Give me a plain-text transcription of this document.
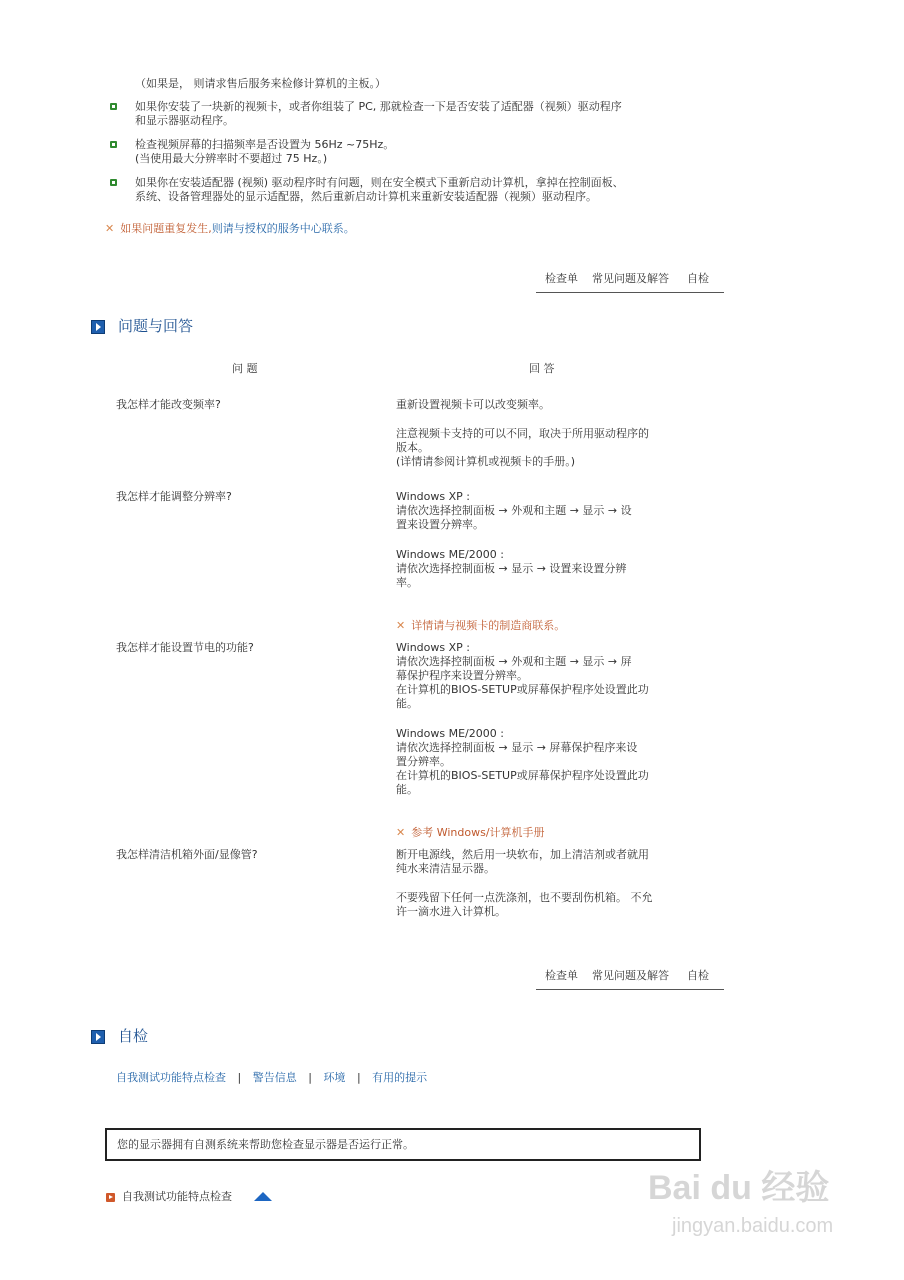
（如果是， 则请求售后服务来检修计算机的主板。）
如果你安装了一块新的视频卡，或者你组装了 PC, 那就检查一下是否安装了适配器（视频）驱动程序
和显示器驱动程序。
检查视频屏幕的扫描频率是否设置为 56Hz ~75Hz。
(当使用最大分辨率时不要超过 75 Hz。)
如果你在安装适配器 (视频) 驱动程序时有问题，则在安全模式下重新启动计算机，拿掉在控制面板、
系统、设备管理器处的显示适配器，然后重新启动计算机来重新安装适配器（视频）驱动程序。
✕ 如果问题重复发生,则请与授权的服务中心联系。
检查单 常见问题及解答 自检
问题与回答
问 题	回 答
我怎样才能改变频率?	重新设置视频卡可以改变频率。
注意视频卡支持的可以不同，取决于所用驱动程序的
版本。
(详情请参阅计算机或视频卡的手册。)
我怎样才能调整分辨率?	Windows XP :
请依次选择控制面板 → 外观和主题 → 显示 → 设
置来设置分辨率。
Windows ME/2000 :
请依次选择控制面板 → 显示 → 设置来设置分辨
率。

✕ 详情请与视频卡的制造商联系。

我怎样才能设置节电的功能?	Windows XP :
请依次选择控制面板 → 外观和主题 → 显示 → 屏
幕保护程序来设置分辨率。
在计算机的BIOS-SETUP或屏幕保护程序处设置此功
能。
Windows ME/2000 :
请依次选择控制面板 → 显示 → 屏幕保护程序来设
置分辨率。
在计算机的BIOS-SETUP或屏幕保护程序处设置此功
能。

✕ 参考 Windows/计算机手册

我怎样清洁机箱外面/显像管?	断开电源线，然后用一块软布，加上清洁剂或者就用
纯水来清洁显示器。
不要残留下任何一点洗涤剂，也不要刮伤机箱。 不允
许一滴水进入计算机。
检查单 常见问题及解答 自检
自检
自我测试功能特点检查 | 警告信息 | 环境 | 有用的提示
您的显示器拥有自测系统来帮助您检查显示器是否运行正常。
自我测试功能特点检查	Bai du 经验
jingyan.baidu.com
